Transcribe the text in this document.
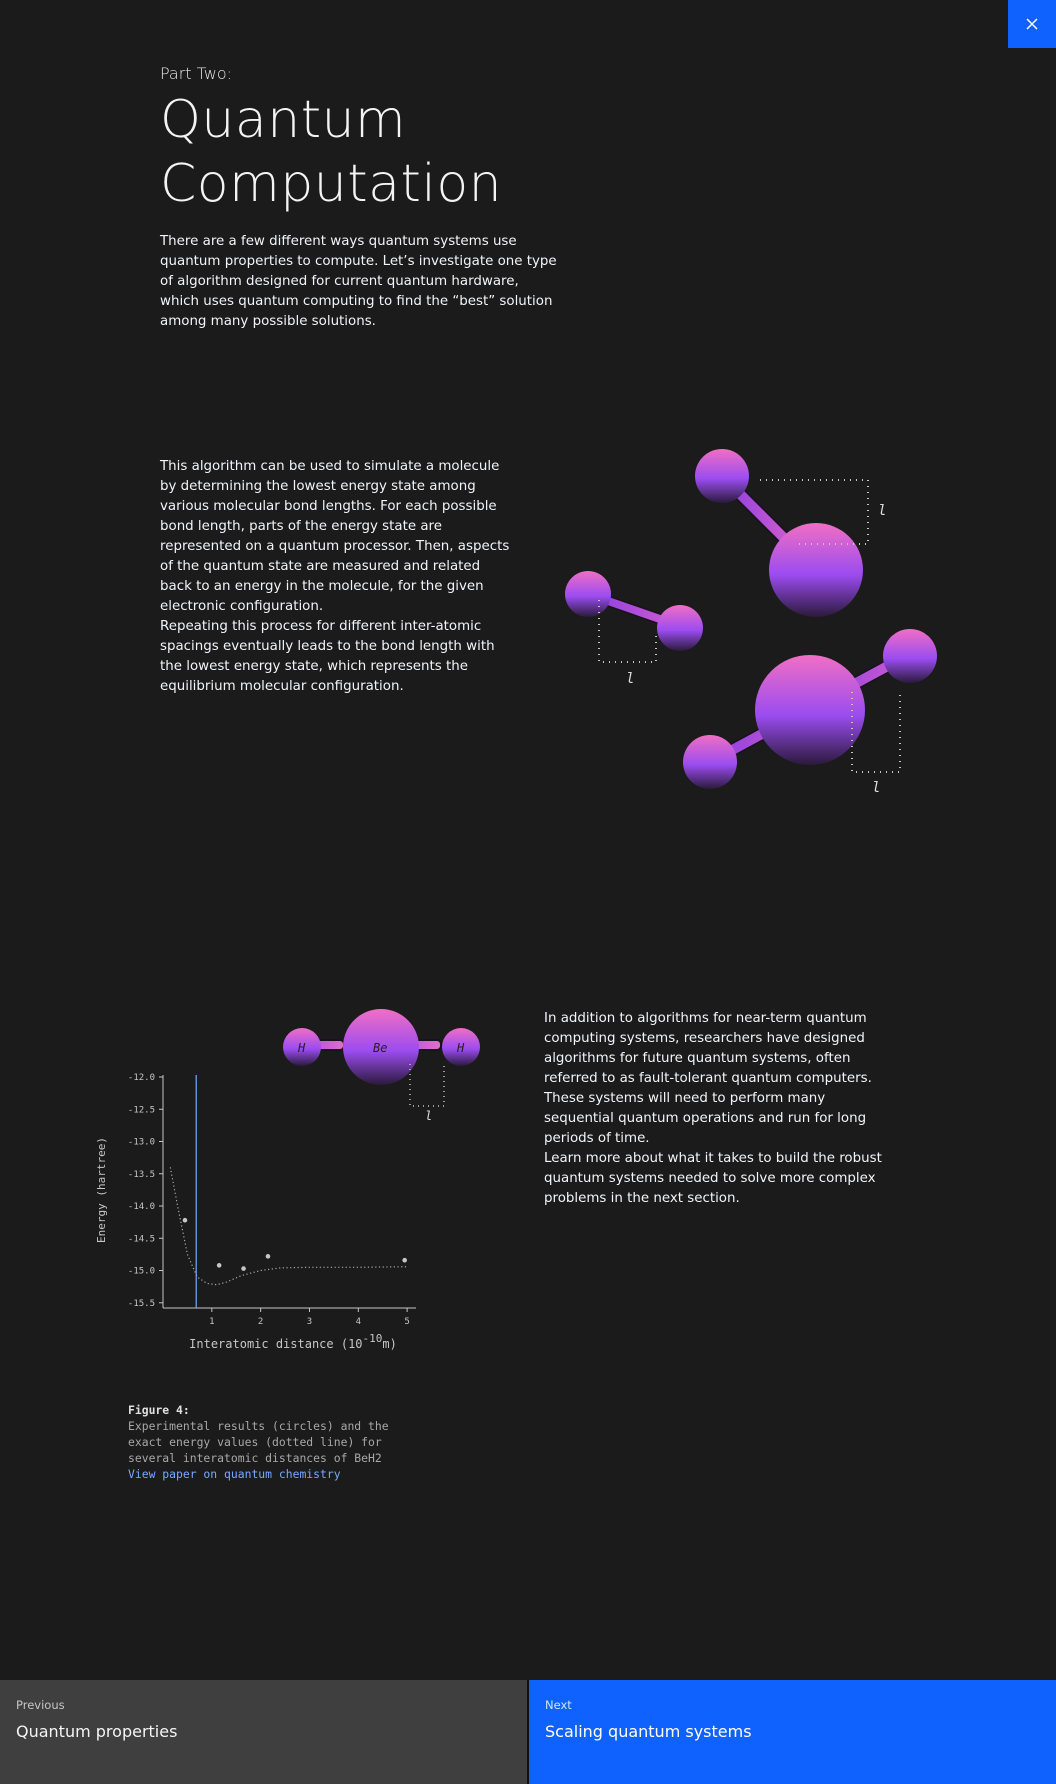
Part Two:
Quantum Computation

There are a few different ways quantum systems use quantum properties to compute. Let’s investigate one type of algorithm designed for current quantum hardware, which uses quantum computing to find the “best” solution among many possible solutions.

This algorithm can be used to simulate a molecule by determining the lowest energy state among various molecular bond lengths. For each possible bond length, parts of the energy state are represented on a quantum processor. Then, aspects of the quantum state are measured and related back to an energy in the molecule, for the given electronic configuration.

Repeating this process for different inter-atomic spacings eventually leads to the bond length with the lowest energy state, which represents the equilibrium molecular configuration.

l
l
l
H	Be	H
l
-12.0
-12.5
-13.0
-13.5
-14.0
-14.5
-15.0
-15.5
1	2	3	4	5
Energy (hartree)
Interatomic distance (10-10m)
Figure 4:
Experimental results (circles) and the exact energy values (dotted line) for several interatomic distances of BeH2
View paper on quantum chemistry

In addition to algorithms for near-term quantum computing systems, researchers have designed algorithms for future quantum systems, often referred to as fault-tolerant quantum computers. These systems will need to perform many sequential quantum operations and run for long periods of time.

Learn more about what it takes to build the robust quantum systems needed to solve more complex problems in the next section.

Previous
Quantum properties
Next
Scaling quantum systems
